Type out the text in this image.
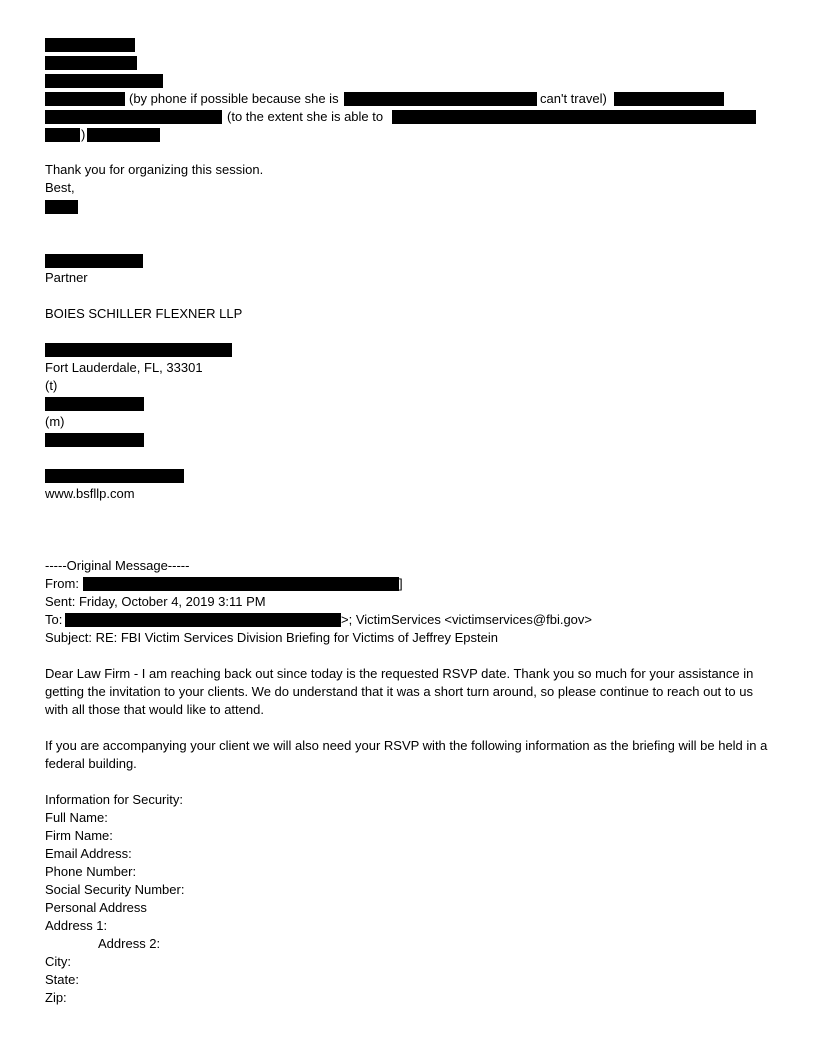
(by phone if possible because she is	can't travel)
(to the extent she is able to
)
Thank you for organizing this session.
Best,
Partner
BOIES SCHILLER FLEXNER LLP
Fort Lauderdale, FL, 33301
(t)
(m)
www.bsfllp.com
-----Original Message-----
From:	]
Sent: Friday, October 4, 2019 3:11 PM
To:	>; VictimServices <victimservices@fbi.gov>
Subject: RE: FBI Victim Services Division Briefing for Victims of Jeffrey Epstein
Dear Law Firm - I am reaching back out since today is the requested RSVP date. Thank you so much for your assistance in getting the invitation to your clients. We do understand that it was a short turn around, so please continue to reach out to us with all those that would like to attend.
If you are accompanying your client we will also need your RSVP with the following information as the briefing will be held in a federal building.
Information for Security:
Full Name:
Firm Name:
Email Address:
Phone Number:
Social Security Number:
Personal Address
Address 1:
Address 2:
City:
State:
Zip:
